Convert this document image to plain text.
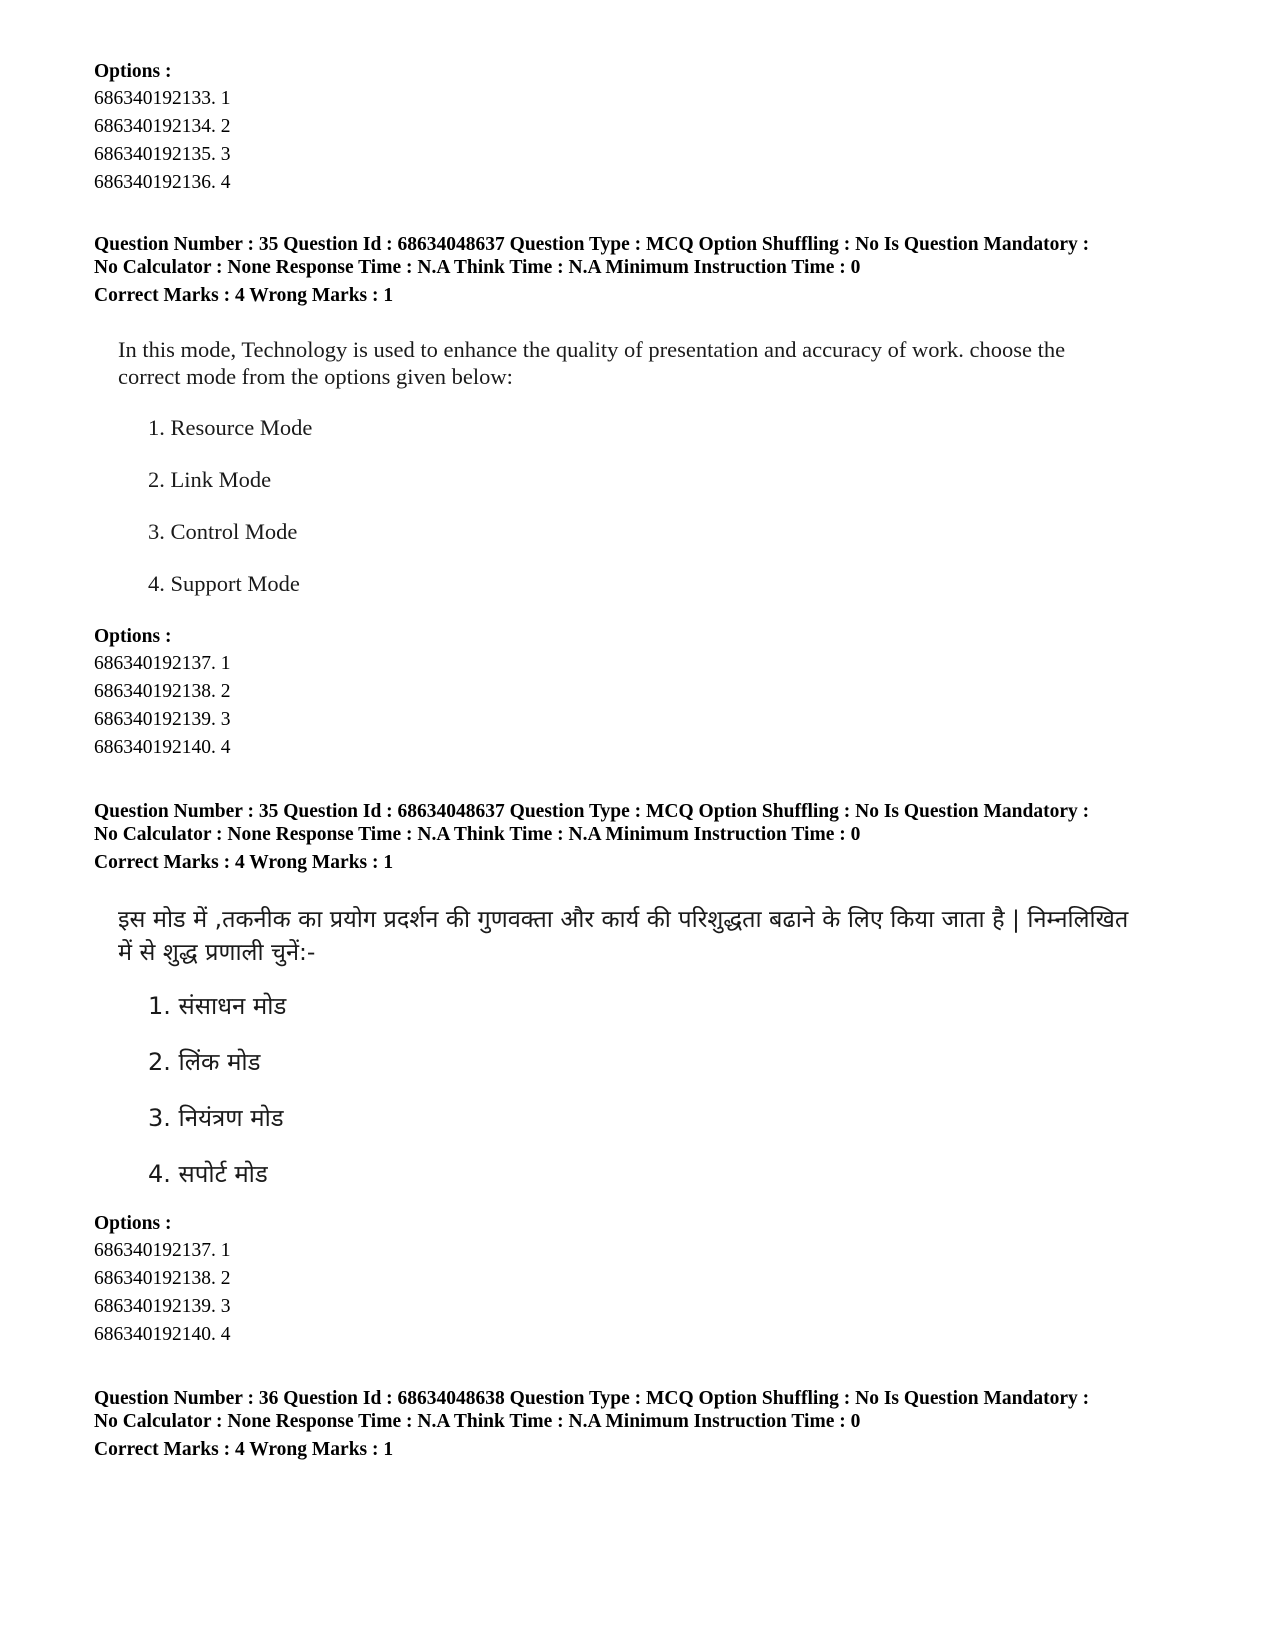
Options :
686340192133. 1
686340192134. 2
686340192135. 3
686340192136. 4
Question Number : 35 Question Id : 68634048637 Question Type : MCQ Option Shuffling : No Is Question Mandatory :
No Calculator : None Response Time : N.A Think Time : N.A Minimum Instruction Time : 0
Correct Marks : 4 Wrong Marks : 1
In this mode, Technology is used to enhance the quality of presentation and accuracy of work. choose the
correct mode from the options given below:
1. Resource Mode
2. Link Mode
3. Control Mode
4. Support Mode
Options :
686340192137. 1
686340192138. 2
686340192139. 3
686340192140. 4
Question Number : 35 Question Id : 68634048637 Question Type : MCQ Option Shuffling : No Is Question Mandatory :
No Calculator : None Response Time : N.A Think Time : N.A Minimum Instruction Time : 0
Correct Marks : 4 Wrong Marks : 1
इस मोड में ,तकनीक का प्रयोग प्रदर्शन की गुणवक्ता और कार्य की परिशुद्धता बढाने के लिए किया जाता है | निम्नलिखित
में से शुद्ध प्रणाली चुनें:-
1. संसाधन मोड
2. लिंक मोड
3. नियंत्रण मोड
4. सपोर्ट मोड
Options :
686340192137. 1
686340192138. 2
686340192139. 3
686340192140. 4
Question Number : 36 Question Id : 68634048638 Question Type : MCQ Option Shuffling : No Is Question Mandatory :
No Calculator : None Response Time : N.A Think Time : N.A Minimum Instruction Time : 0
Correct Marks : 4 Wrong Marks : 1
